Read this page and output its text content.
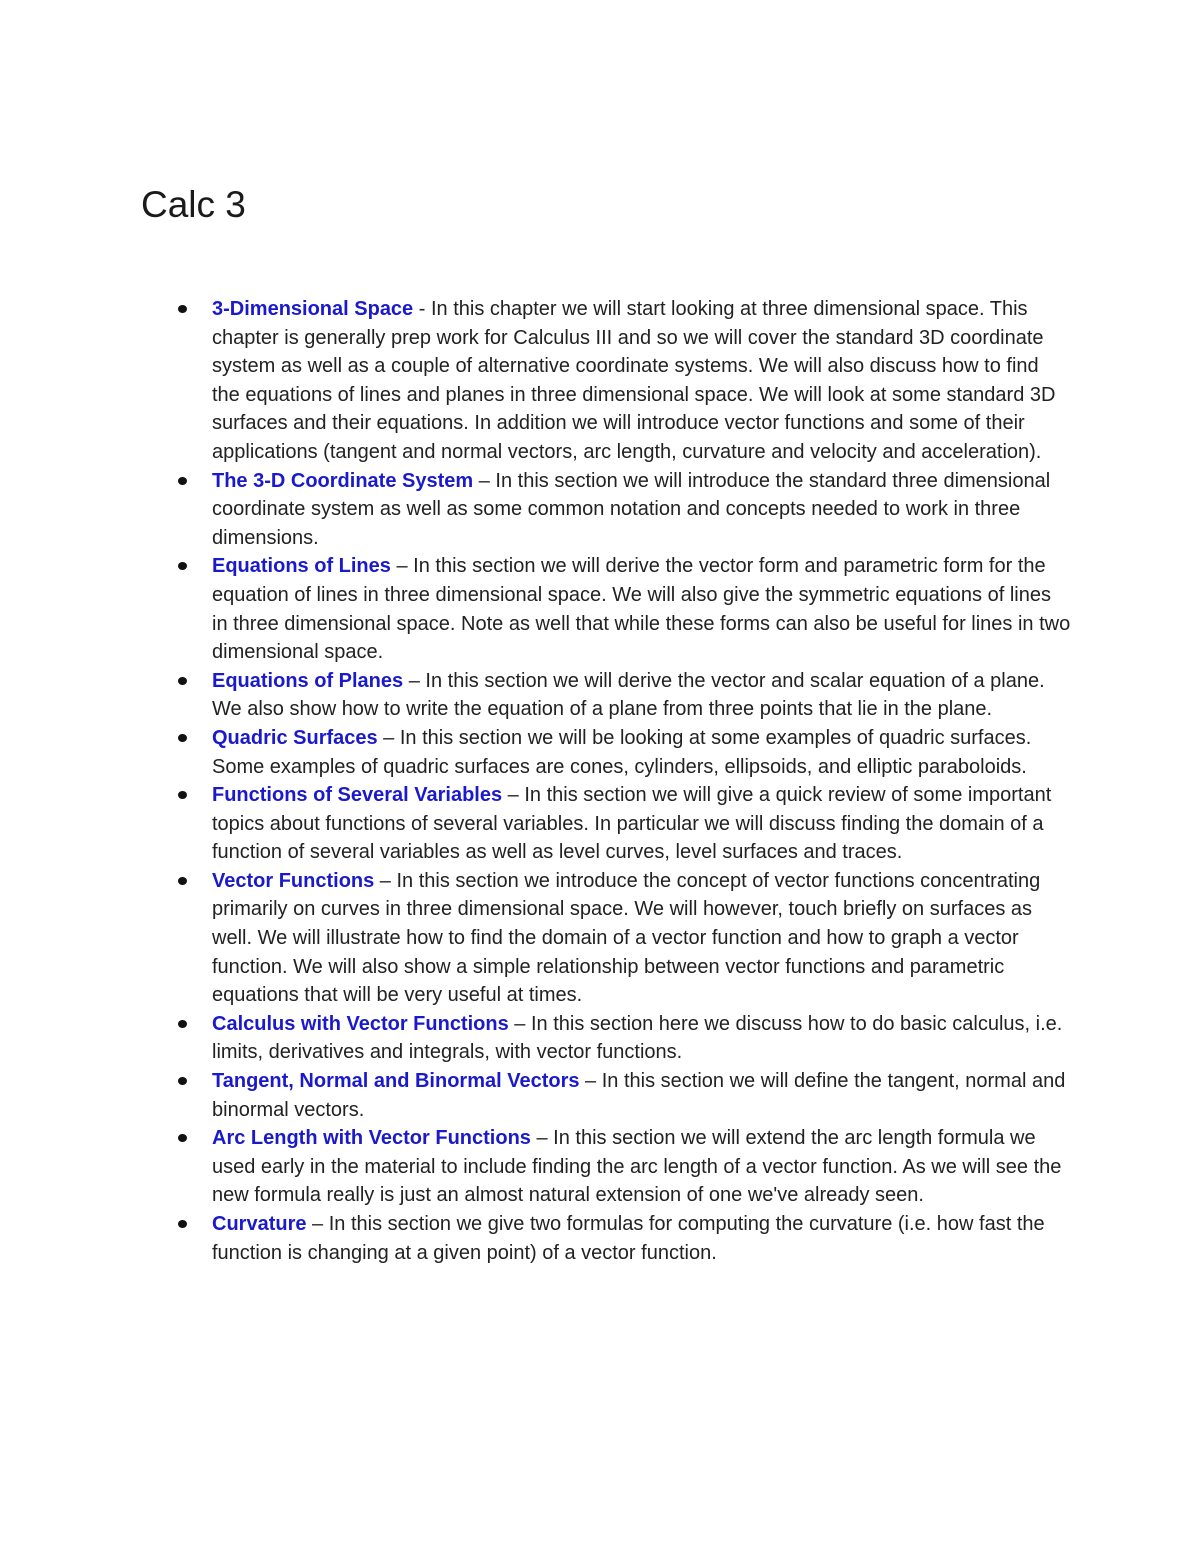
Calc 3
3-Dimensional Space - In this chapter we will start looking at three dimensional space. This chapter is generally prep work for Calculus III and so we will cover the standard 3D coordinate system as well as a couple of alternative coordinate systems. We will also discuss how to find the equations of lines and planes in three dimensional space. We will look at some standard 3D surfaces and their equations. In addition we will introduce vector functions and some of their applications (tangent and normal vectors, arc length, curvature and velocity and acceleration).
The 3-D Coordinate System – In this section we will introduce the standard three dimensional coordinate system as well as some common notation and concepts needed to work in three dimensions.
Equations of Lines – In this section we will derive the vector form and parametric form for the equation of lines in three dimensional space. We will also give the symmetric equations of lines in three dimensional space. Note as well that while these forms can also be useful for lines in two dimensional space.
Equations of Planes – In this section we will derive the vector and scalar equation of a plane. We also show how to write the equation of a plane from three points that lie in the plane.
Quadric Surfaces – In this section we will be looking at some examples of quadric surfaces. Some examples of quadric surfaces are cones, cylinders, ellipsoids, and elliptic paraboloids.
Functions of Several Variables – In this section we will give a quick review of some important topics about functions of several variables. In particular we will discuss finding the domain of a function of several variables as well as level curves, level surfaces and traces.
Vector Functions – In this section we introduce the concept of vector functions concentrating primarily on curves in three dimensional space. We will however, touch briefly on surfaces as well. We will illustrate how to find the domain of a vector function and how to graph a vector function. We will also show a simple relationship between vector functions and parametric equations that will be very useful at times.
Calculus with Vector Functions – In this section here we discuss how to do basic calculus, i.e. limits, derivatives and integrals, with vector functions.
Tangent, Normal and Binormal Vectors – In this section we will define the tangent, normal and binormal vectors.
Arc Length with Vector Functions – In this section we will extend the arc length formula we used early in the material to include finding the arc length of a vector function. As we will see the new formula really is just an almost natural extension of one we've already seen.
Curvature – In this section we give two formulas for computing the curvature (i.e. how fast the function is changing at a given point) of a vector function.
